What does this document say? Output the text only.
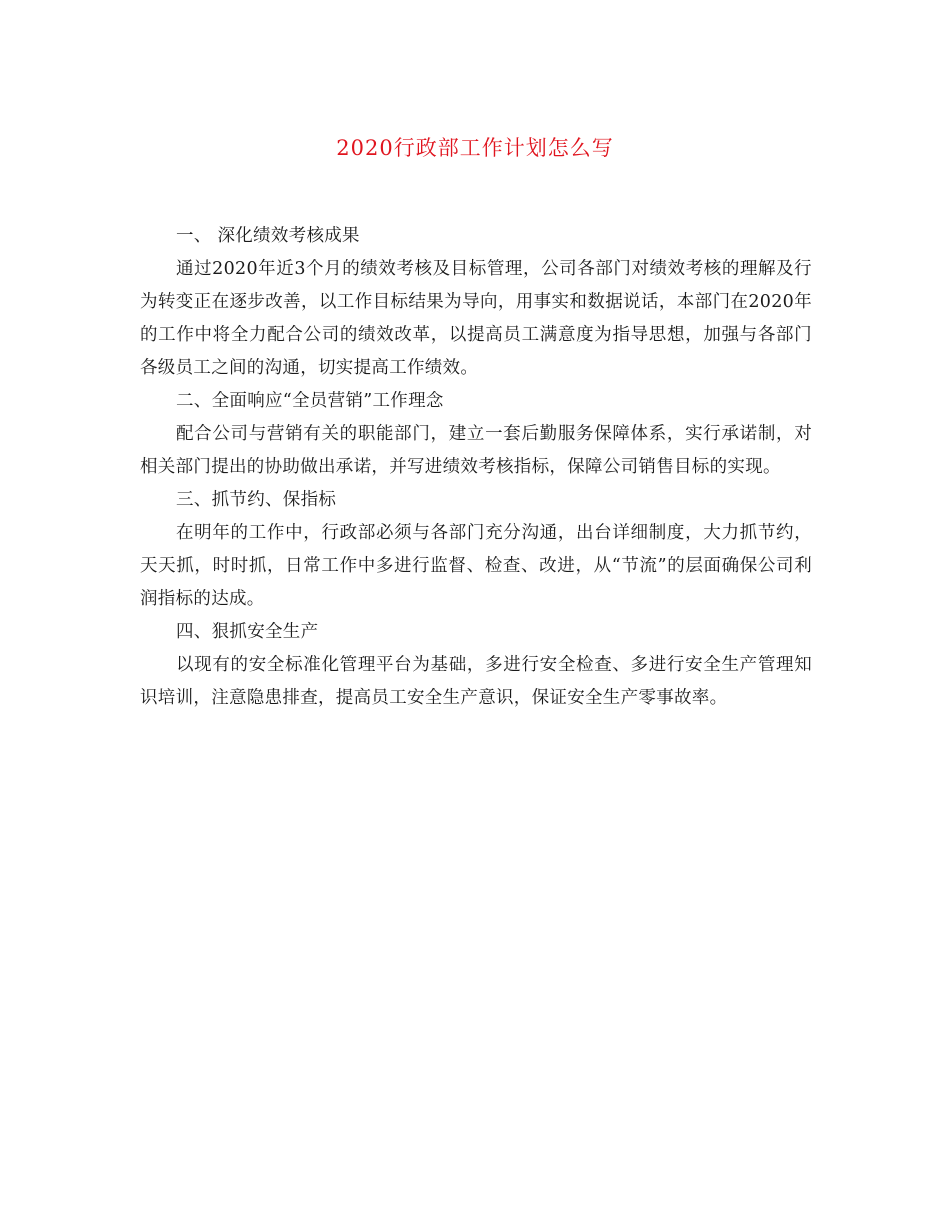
2020行政部工作计划怎么写

一、 深化绩效考核成果

通过2020年近3个月的绩效考核及目标管理，公司各部门对绩效考核的理解及行为转变正在逐步改善，以工作目标结果为导向，用事实和数据说话，本部门在2020年的工作中将全力配合公司的绩效改革，以提高员工满意度为指导思想，加强与各部门各级员工之间的沟通，切实提高工作绩效。

二、全面响应“全员营销”工作理念

配合公司与营销有关的职能部门，建立一套后勤服务保障体系，实行承诺制，对相关部门提出的协助做出承诺，并写进绩效考核指标，保障公司销售目标的实现。

三、抓节约、保指标

在明年的工作中，行政部必须与各部门充分沟通，出台详细制度，大力抓节约，天天抓，时时抓，日常工作中多进行监督、检查、改进，从“节流”的层面确保公司利润指标的达成。

四、狠抓安全生产

以现有的安全标准化管理平台为基础，多进行安全检查、多进行安全生产管理知识培训，注意隐患排查，提高员工安全生产意识，保证安全生产零事故率。
